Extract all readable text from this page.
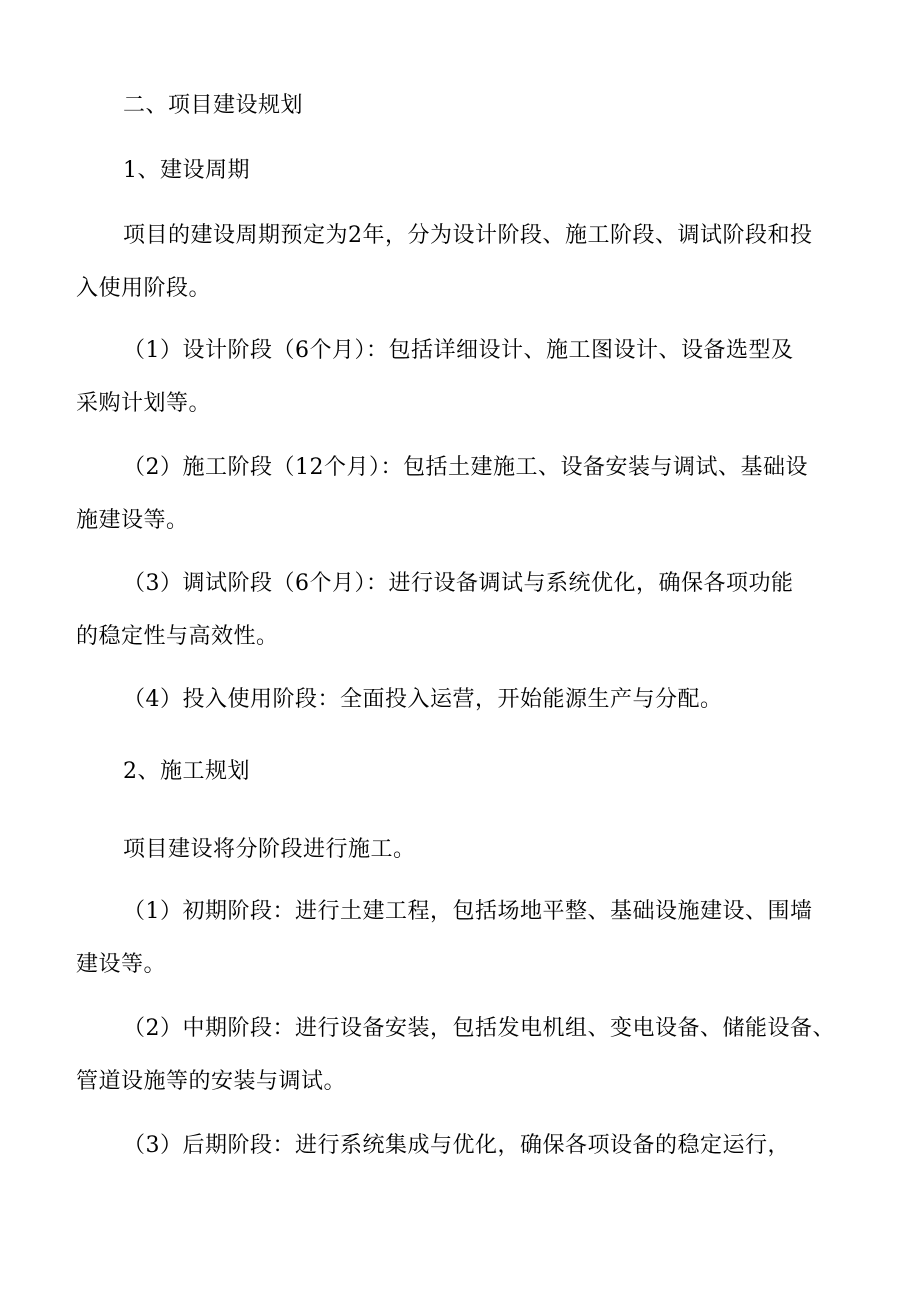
二、项目建设规划
1、建设周期
项目的建设周期预定为2年，分为设计阶段、施工阶段、调试阶段和投
入使用阶段。
（1）设计阶段（6个月）：包括详细设计、施工图设计、设备选型及
采购计划等。
（2）施工阶段（12个月）：包括土建施工、设备安装与调试、基础设
施建设等。
（3）调试阶段（6个月）：进行设备调试与系统优化，确保各项功能
的稳定性与高效性。
（4）投入使用阶段：全面投入运营，开始能源生产与分配。
2、施工规划
项目建设将分阶段进行施工。
（1）初期阶段：进行土建工程，包括场地平整、基础设施建设、围墙
建设等。
（2）中期阶段：进行设备安装，包括发电机组、变电设备、储能设备、
管道设施等的安装与调试。
（3）后期阶段：进行系统集成与优化，确保各项设备的稳定运行，
